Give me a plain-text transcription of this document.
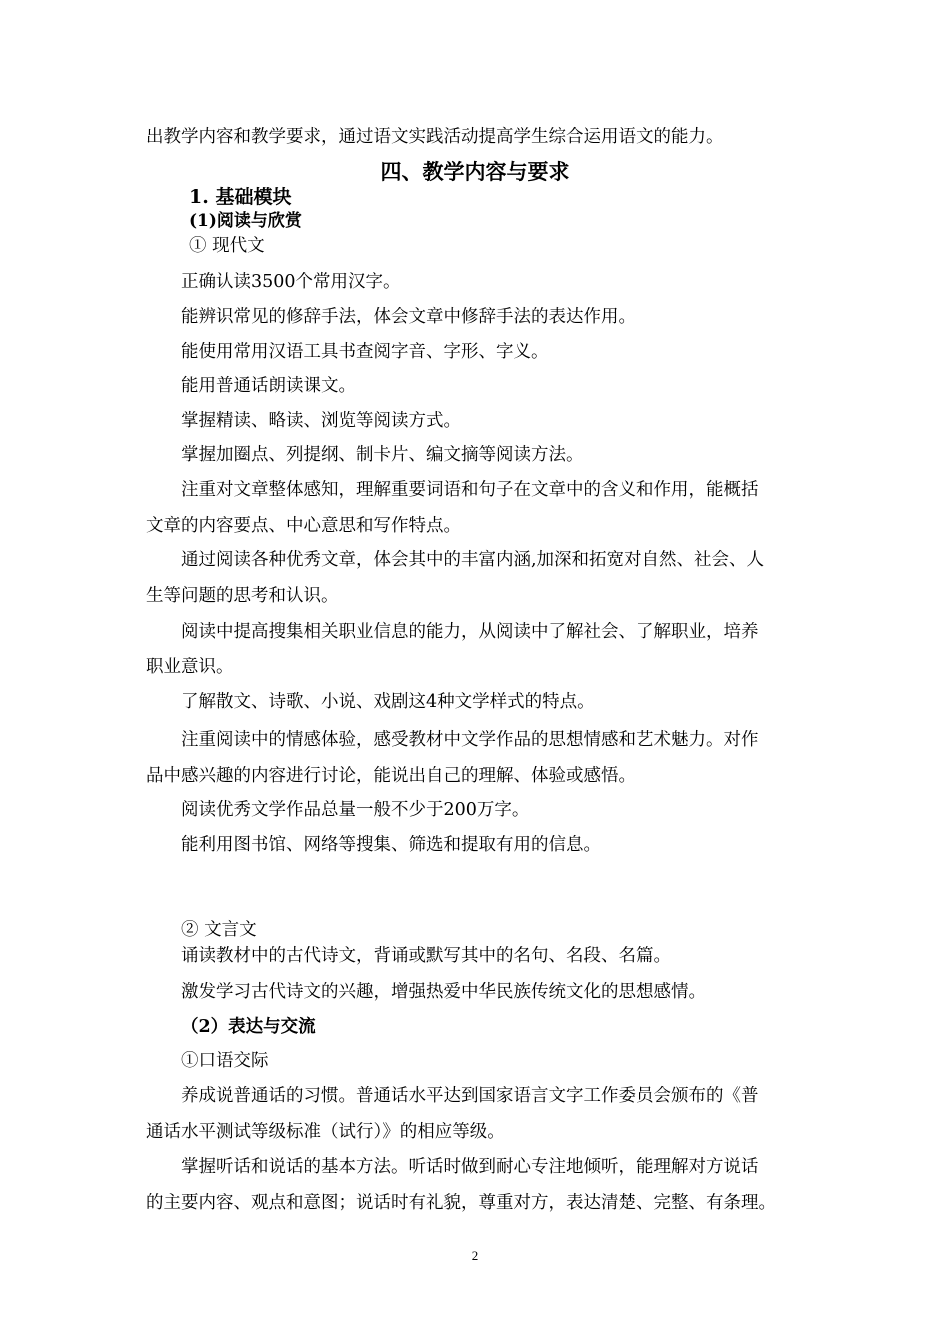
出教学内容和教学要求，通过语文实践活动提高学生综合运用语文的能力。
四、教学内容与要求
1. 基础模块
(1)阅读与欣赏
① 现代文
正确认读3500个常用汉字。
能辨识常见的修辞手法，体会文章中修辞手法的表达作用。
能使用常用汉语工具书查阅字音、字形、字义。
能用普通话朗读课文。
掌握精读、略读、浏览等阅读方式。
掌握加圈点、列提纲、制卡片、编文摘等阅读方法。
注重对文章整体感知，理解重要词语和句子在文章中的含义和作用，能概括
文章的内容要点、中心意思和写作特点。
通过阅读各种优秀文章，体会其中的丰富内涵,加深和拓宽对自然、社会、人
生等问题的思考和认识。
阅读中提高搜集相关职业信息的能力，从阅读中了解社会、了解职业，培养
职业意识。
了解散文、诗歌、小说、戏剧这4种文学样式的特点。
注重阅读中的情感体验，感受教材中文学作品的思想情感和艺术魅力。对作
品中感兴趣的内容进行讨论，能说出自己的理解、体验或感悟。
阅读优秀文学作品总量一般不少于200万字。
能利用图书馆、网络等搜集、筛选和提取有用的信息。
② 文言文
诵读教材中的古代诗文，背诵或默写其中的名句、名段、名篇。
激发学习古代诗文的兴趣，增强热爱中华民族传统文化的思想感情。
（2）表达与交流
①口语交际
养成说普通话的习惯。普通话水平达到国家语言文字工作委员会颁布的《普
通话水平测试等级标准（试行）》的相应等级。
掌握听话和说话的基本方法。听话时做到耐心专注地倾听，能理解对方说话
的主要内容、观点和意图；说话时有礼貌，尊重对方，表达清楚、完整、有条理。
2
